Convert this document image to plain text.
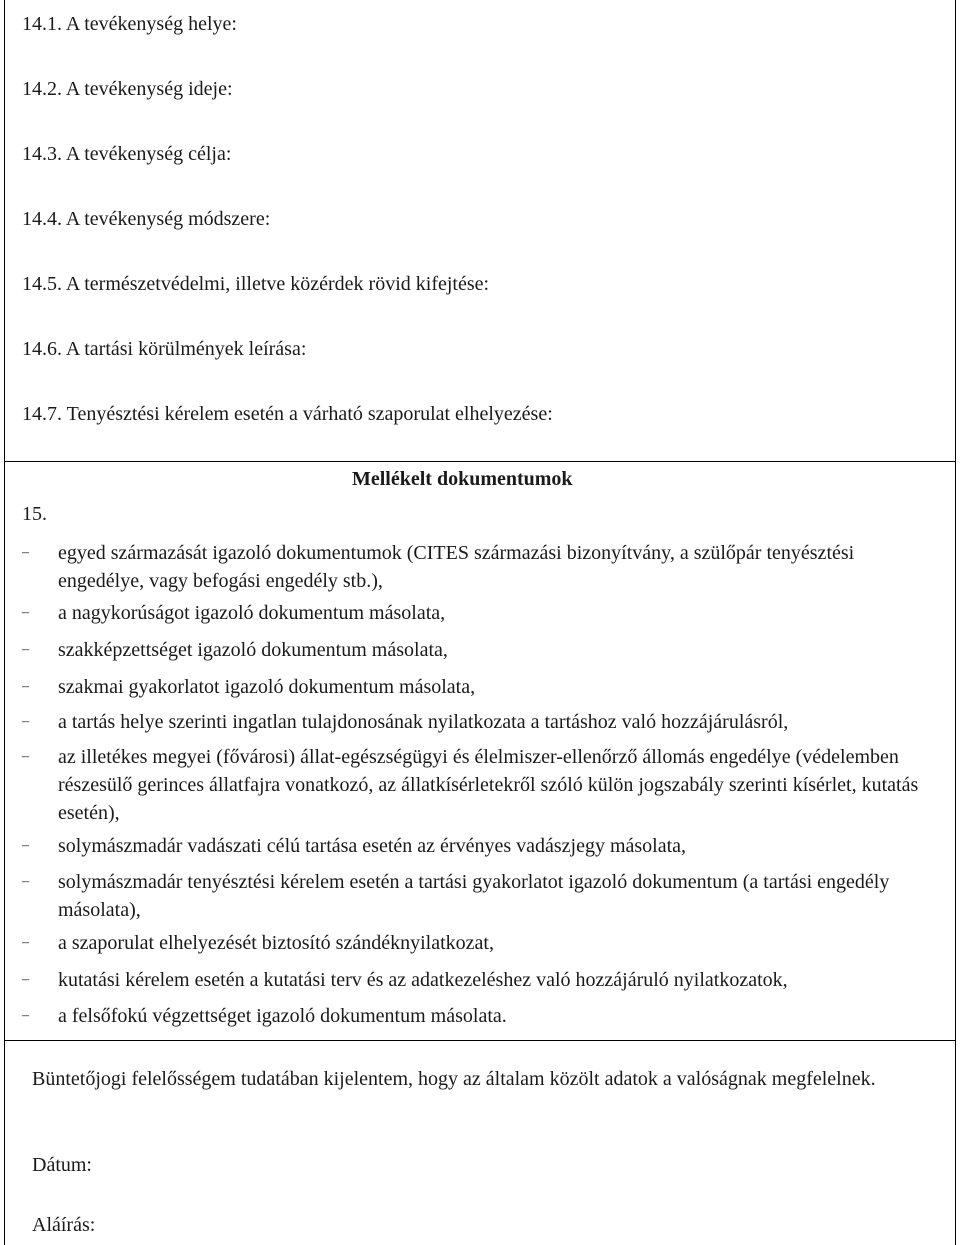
14.1. A tevékenység helye:
14.2. A tevékenység ideje:
14.3. A tevékenység célja:
14.4. A tevékenység módszere:
14.5. A természetvédelmi, illetve közérdek rövid kifejtése:
14.6. A tartási körülmények leírása:
14.7. Tenyésztési kérelem esetén a várható szaporulat elhelyezése:
Mellékelt dokumentumok
15.
– egyed származását igazoló dokumentumok (CITES származási bizonyítvány, a szülőpár tenyésztési engedélye, vagy befogási engedély stb.),
– a nagykorúságot igazoló dokumentum másolata,
– szakképzettséget igazoló dokumentum másolata,
– szakmai gyakorlatot igazoló dokumentum másolata,
– a tartás helye szerinti ingatlan tulajdonosának nyilatkozata a tartáshoz való hozzájárulásról,
– az illetékes megyei (fővárosi) állat-egészségügyi és élelmiszer-ellenőrző állomás engedélye (védelemben részesülő gerinces állatfajra vonatkozó, az állatkísérletekről szóló külön jogszabály szerinti kísérlet, kutatás esetén),
– solymászmadár vadászati célú tartása esetén az érvényes vadászjegy másolata,
– solymászmadár tenyésztési kérelem esetén a tartási gyakorlatot igazoló dokumentum (a tartási engedély másolata),
– a szaporulat elhelyezését biztosító szándéknyilatkozat,
– kutatási kérelem esetén a kutatási terv és az adatkezeléshez való hozzájáruló nyilatkozatok,
– a felsőfokú végzettséget igazoló dokumentum másolata.
Büntetőjogi felelősségem tudatában kijelentem, hogy az általam közölt adatok a valóságnak megfelelnek.
Dátum:
Aláírás:
